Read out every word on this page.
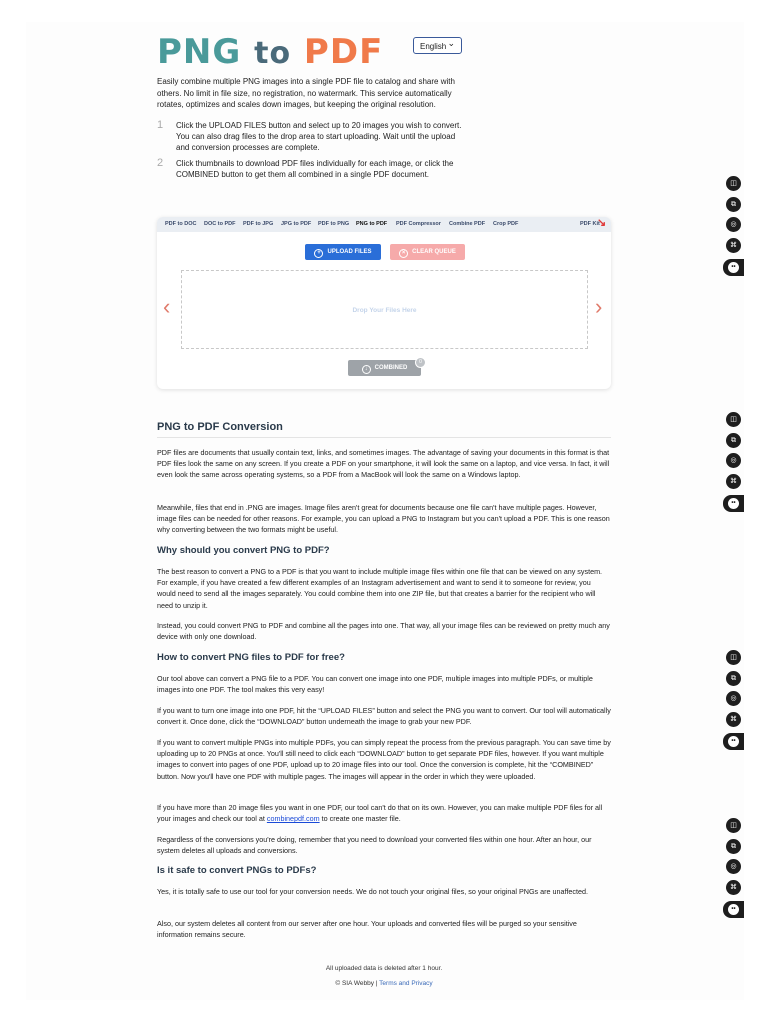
PNG to PDF	English ⌄

Easily combine multiple PNG images into a single PDF file to catalog and share with others. No limit in file size, no registration, no watermark. This service automatically rotates, optimizes and scales down images, but keeping the original resolution.

1 Click the UPLOAD FILES button and select up to 20 images you wish to convert. You can also drag files to the drop area to start uploading. Wait until the upload and conversion processes are complete.
2 Click thumbnails to download PDF files individually for each image, or click the COMBINED button to get them all combined in a single PDF document.
PDF to DOC DOC to PDF PDF to JPG JPG to PDF PDF to PNG PNG to PDF PDF Compressor Combine PDF Crop PDF	PDF Kit
↘
+ UPLOAD FILES	× CLEAR QUEUE
‹	Drop Your Files Here	›
↓ COMBINED
0
PNG to PDF Conversion

PDF files are documents that usually contain text, links, and sometimes images. The advantage of saving your documents in this format is that PDF files look the same on any screen. If you create a PDF on your smartphone, it will look the same on a laptop, and vice versa. In fact, it will even look the same across operating systems, so a PDF from a MacBook will look the same on a Windows laptop.

Meanwhile, files that end in .PNG are images. Image files aren't great for documents because one file can't have multiple pages. However, image files can be needed for other reasons. For example, you can upload a PNG to Instagram but you can't upload a PDF. This is one reason why converting between the two formats might be useful.

Why should you convert PNG to PDF?

The best reason to convert a PNG to a PDF is that you want to include multiple image files within one file that can be viewed on any system. For example, if you have created a few different examples of an Instagram advertisement and want to send it to someone for review, you would need to send all the images separately. You could combine them into one ZIP file, but that creates a barrier for the recipient who will need to unzip it.

Instead, you could convert PNG to PDF and combine all the pages into one. That way, all your image files can be reviewed on pretty much any device with only one download.

How to convert PNG files to PDF for free?

Our tool above can convert a PNG file to a PDF. You can convert one image into one PDF, multiple images into multiple PDFs, or multiple images into one PDF. The tool makes this very easy!

If you want to turn one image into one PDF, hit the “UPLOAD FILES” button and select the PNG you want to convert. Our tool will automatically convert it. Once done, click the “DOWNLOAD” button underneath the image to grab your new PDF.

If you want to convert multiple PNGs into multiple PDFs, you can simply repeat the process from the previous paragraph. You can save time by uploading up to 20 PNGs at once. You'll still need to click each “DOWNLOAD” button to get separate PDF files, however. If you want multiple images to convert into pages of one PDF, upload up to 20 image files into our tool. Once the conversion is complete, hit the “COMBINED” button. Now you'll have one PDF with multiple pages. The images will appear in the order in which they were uploaded.

If you have more than 20 image files you want in one PDF, our tool can't do that on its own. However, you can make multiple PDF files for all your images and check our tool at combinepdf.com to create one master file.

Regardless of the conversions you're doing, remember that you need to download your converted files within one hour. After an hour, our system deletes all uploads and conversions.

Is it safe to convert PNGs to PDFs?

Yes, it is totally safe to use our tool for your conversion needs. We do not touch your original files, so your original PNGs are unaffected.

Also, our system deletes all content from our server after one hour. Your uploads and converted files will be purged so your sensitive information remains secure.

All uploaded data is deleted after 1 hour.
© SIA Webby | Terms and Privacy
◫
⧉
◎
⌘
••
◫
⧉
◎
⌘
••
◫
⧉
◎
⌘
••
◫
⧉
◎
⌘
••
